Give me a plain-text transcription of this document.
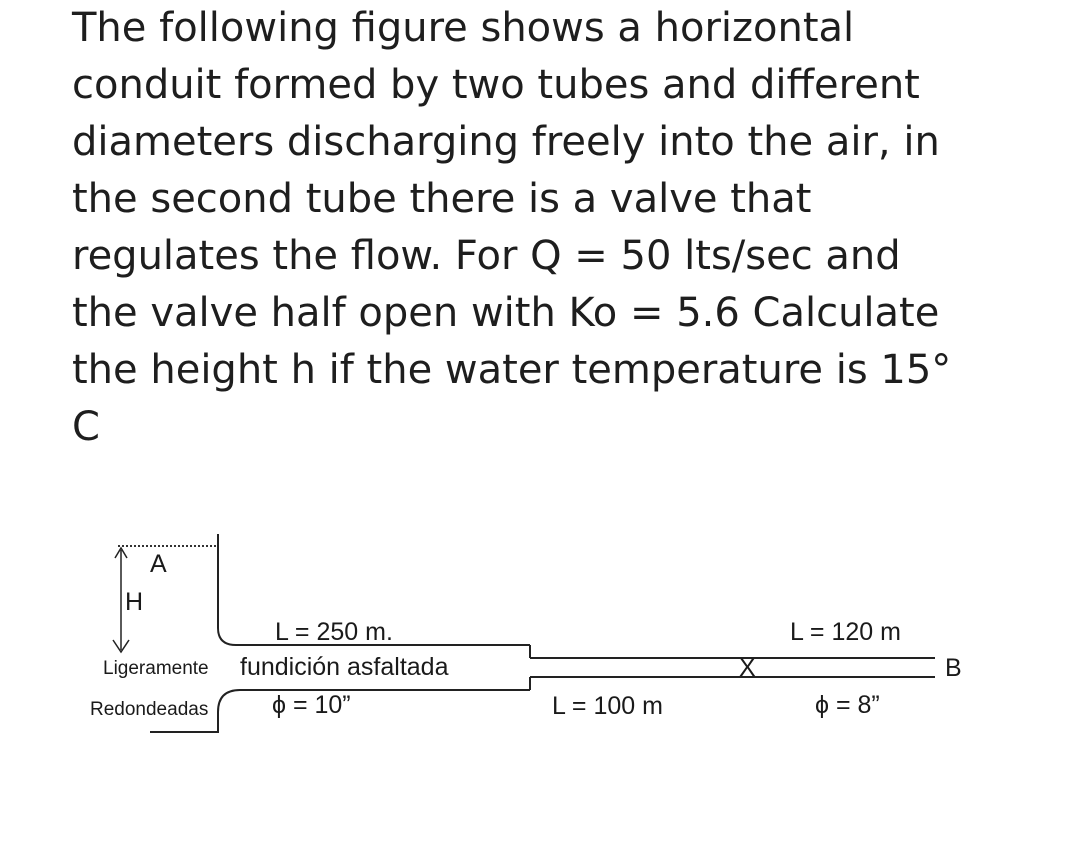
The following figure shows a horizontal
conduit formed by two tubes and different
diameters discharging freely into the air, in
the second tube there is a valve that
regulates the flow. For Q = 50 lts/sec and
the valve half open with Ko = 5.6 Calculate
the height h if the water temperature is 15°
C
A
H
L = 250 m.
Ligeramente fundición asfaltada
Redondeadas	ϕ = 10”	L = 100 m
L = 120 m
ϕ = 8”
X	B
